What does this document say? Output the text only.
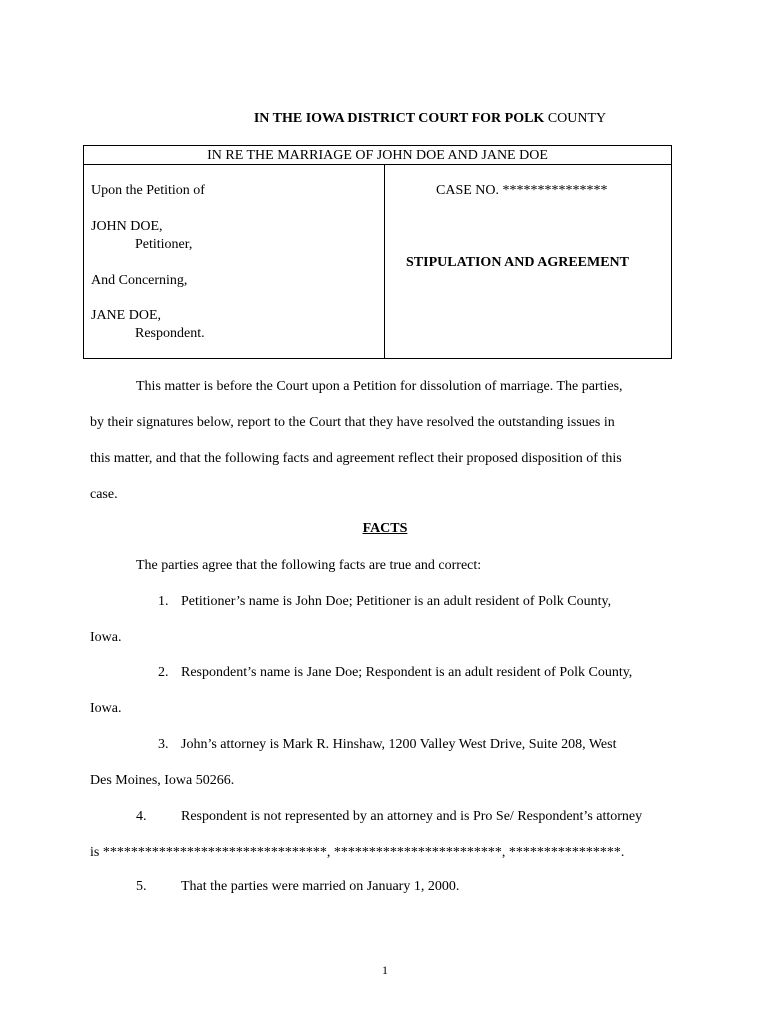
IN THE IOWA DISTRICT COURT FOR POLK COUNTY
IN RE THE MARRIAGE OF JOHN DOE AND JANE DOE
Upon the Petition of
JOHN DOE,
Petitioner,
And Concerning,
JANE DOE,
Respondent.
CASE NO. ***************
STIPULATION AND AGREEMENT
This matter is before the Court upon a Petition for dissolution of marriage. The parties,
by their signatures below, report to the Court that they have resolved the outstanding issues in
this matter, and that the following facts and agreement reflect their proposed disposition of this
case.
FACTS
The parties agree that the following facts are true and correct:
1. Petitioner’s name is John Doe; Petitioner is an adult resident of Polk County,
Iowa.
2. Respondent’s name is Jane Doe; Respondent is an adult resident of Polk County,
Iowa.
3. John’s attorney is Mark R. Hinshaw, 1200 Valley West Drive, Suite 208, West
Des Moines, Iowa 50266.
4. Respondent is not represented by an attorney and is Pro Se/ Respondent’s attorney
is ********************************, ************************, ****************.
5. That the parties were married on January 1, 2000.
1
